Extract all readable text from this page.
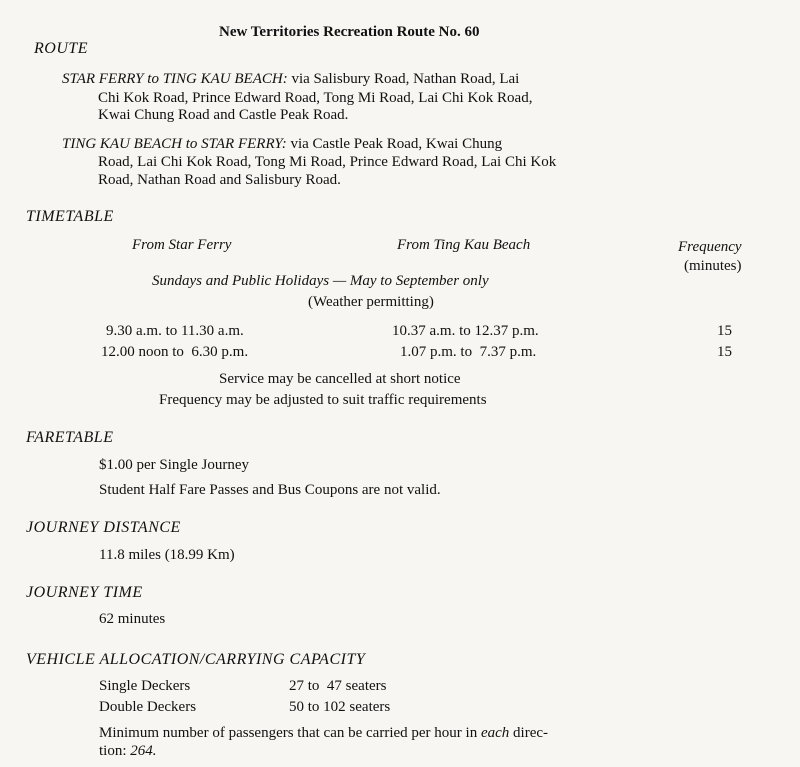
New Territories Recreation Route No. 60
ROUTE
STAR FERRY to TING KAU BEACH: via Salisbury Road, Nathan Road, Lai
Chi Kok Road, Prince Edward Road, Tong Mi Road, Lai Chi Kok Road,
Kwai Chung Road and Castle Peak Road.
TING KAU BEACH to STAR FERRY: via Castle Peak Road, Kwai Chung
Road, Lai Chi Kok Road, Tong Mi Road, Prince Edward Road, Lai Chi Kok
Road, Nathan Road and Salisbury Road.
TIMETABLE
From Star Ferry	From Ting Kau Beach	Frequency
(minutes)
Sundays and Public Holidays — May to September only
(Weather permitting)
9.30 a.m. to 11.30 a.m.	10.37 a.m. to 12.37 p.m.	15
12.00 noon to  6.30 p.m.	1.07 p.m. to  7.37 p.m.	15
Service may be cancelled at short notice
Frequency may be adjusted to suit traffic requirements
FARETABLE
$1.00 per Single Journey
Student Half Fare Passes and Bus Coupons are not valid.
JOURNEY DISTANCE
11.8 miles (18.99 Km)
JOURNEY TIME
62 minutes
VEHICLE ALLOCATION/CARRYING CAPACITY
Single Deckers	27 to  47 seaters
Double Deckers	50 to 102 seaters
Minimum number of passengers that can be carried per hour in each direc-
tion: 264.
